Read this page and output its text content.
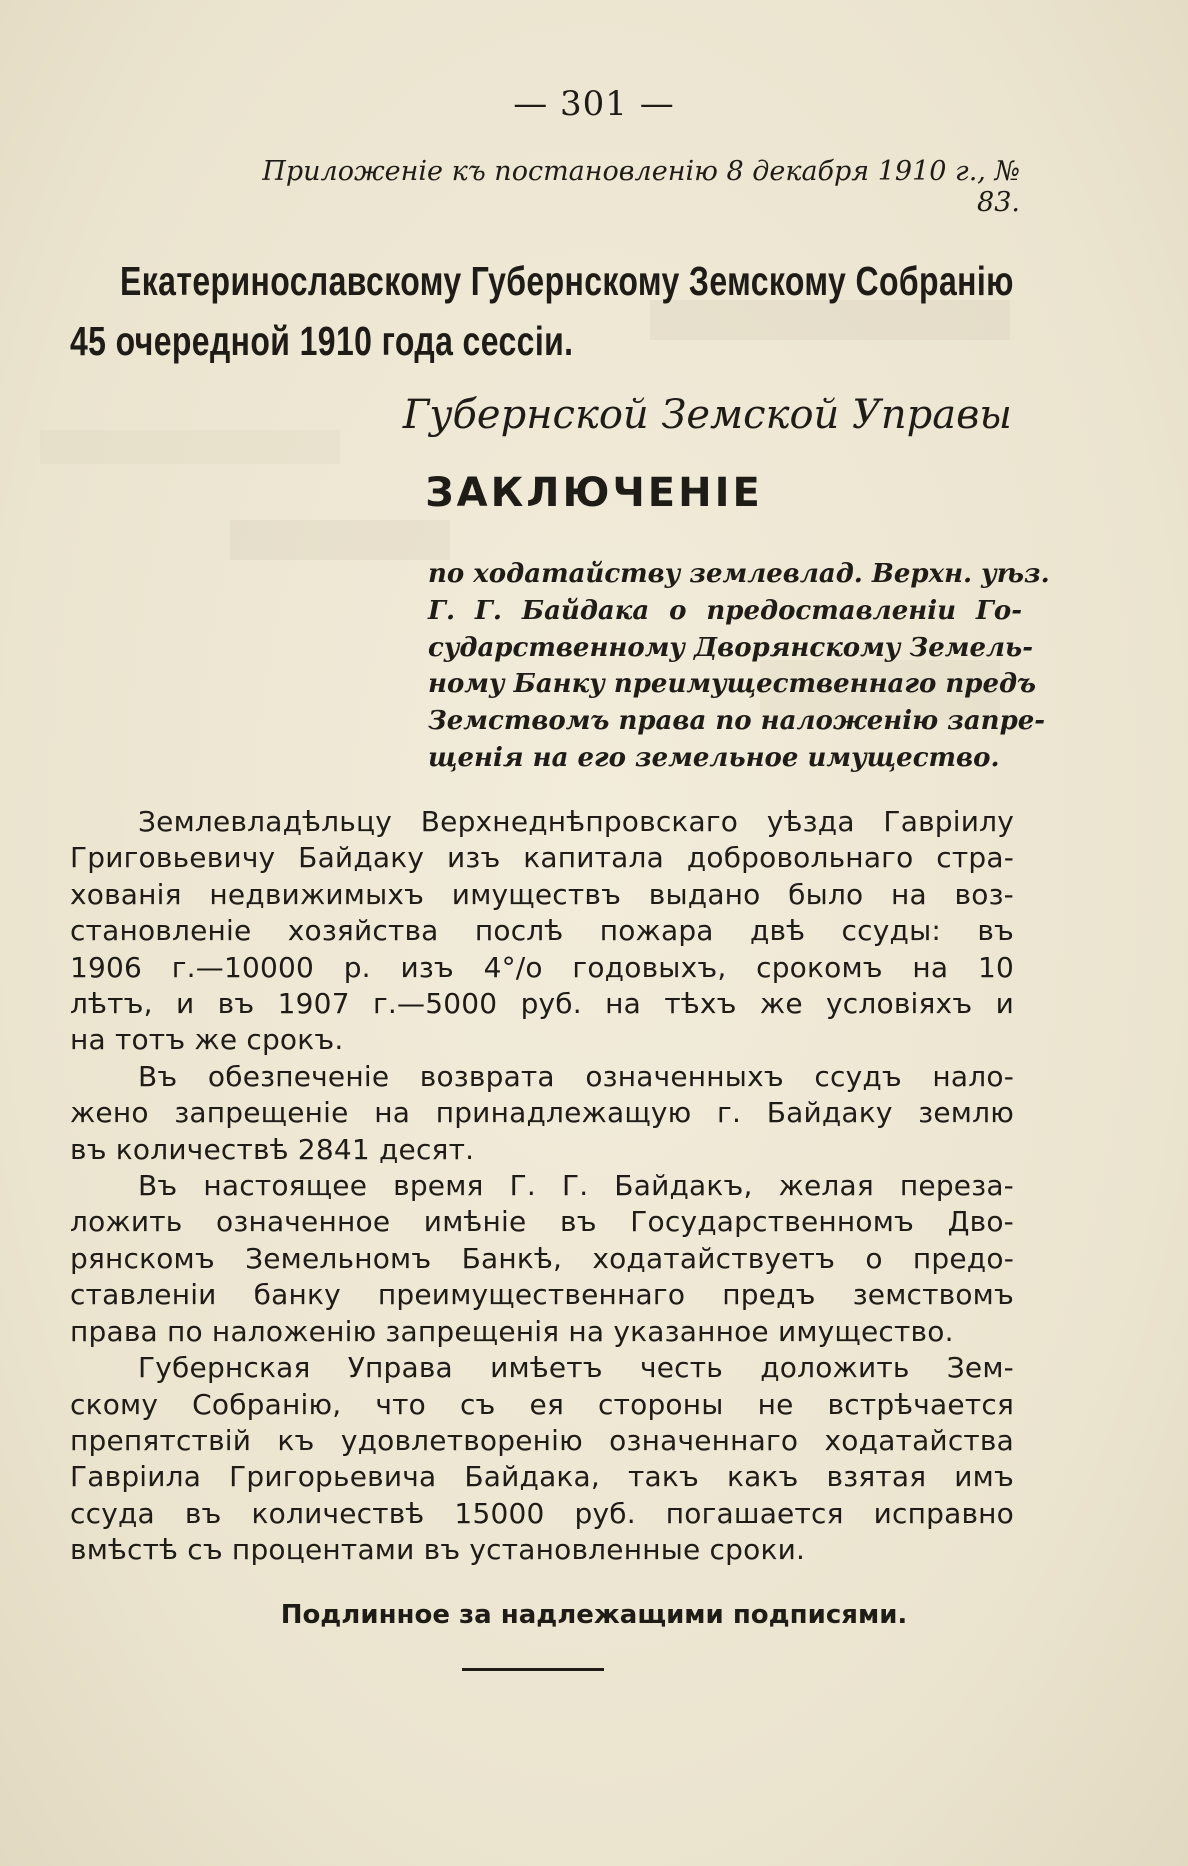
— 301 —
Приложенiе къ постановленiю 8 декабря 1910 г., № 83.
Екатеринославскому Губернскому Земскому Собранiю
45 очередной 1910 года сессiи.
Губернской Земской Управы
ЗАКЛЮЧЕНIЕ
по ходатайству землевлад. Верхн. уѣз.
Г. Г. Байдака о предоставленiи Го-
сударственному Дворянскому Земель-
ному Банку преимущественнаго предъ
Земствомъ права по наложенiю запре-
щенiя на его земельное имущество.
Землевладѣльцу Верхнеднѣпровскаго уѣзда Гаврiилу
Григовьевичу Байдаку изъ капитала добровольнаго стра-
хованiя недвижимыхъ имуществъ выдано было на воз-
становленiе хозяйства послѣ пожара двѣ ссуды: въ
1906 г.—10000 р. изъ 4°/о годовыхъ, срокомъ на 10
лѣтъ, и въ 1907 г.—5000 руб. на тѣхъ же условiяхъ и
на тотъ же срокъ.
Въ обезпеченiе возврата означенныхъ ссудъ нало-
жено запрещенiе на принадлежащую г. Байдаку землю
въ количествѣ 2841 десят.
Въ настоящее время Г. Г. Байдакъ, желая переза-
ложить означенное имѣнiе въ Государственномъ Дво-
рянскомъ Земельномъ Банкѣ, ходатайствуетъ о предо-
ставленiи банку преимущественнаго предъ земствомъ
права по наложенiю запрещенiя на указанное имущество.
Губернская Управа имѣетъ честь доложить Зем-
скому Собранiю, что съ ея стороны не встрѣчается
препятствiй къ удовлетворенiю означеннаго ходатайства
Гаврiила Григорьевича Байдака, такъ какъ взятая имъ
ссуда въ количествѣ 15000 руб. погашается исправно
вмѣстѣ съ процентами въ установленные сроки.
Подлинное за надлежащими подписями.
